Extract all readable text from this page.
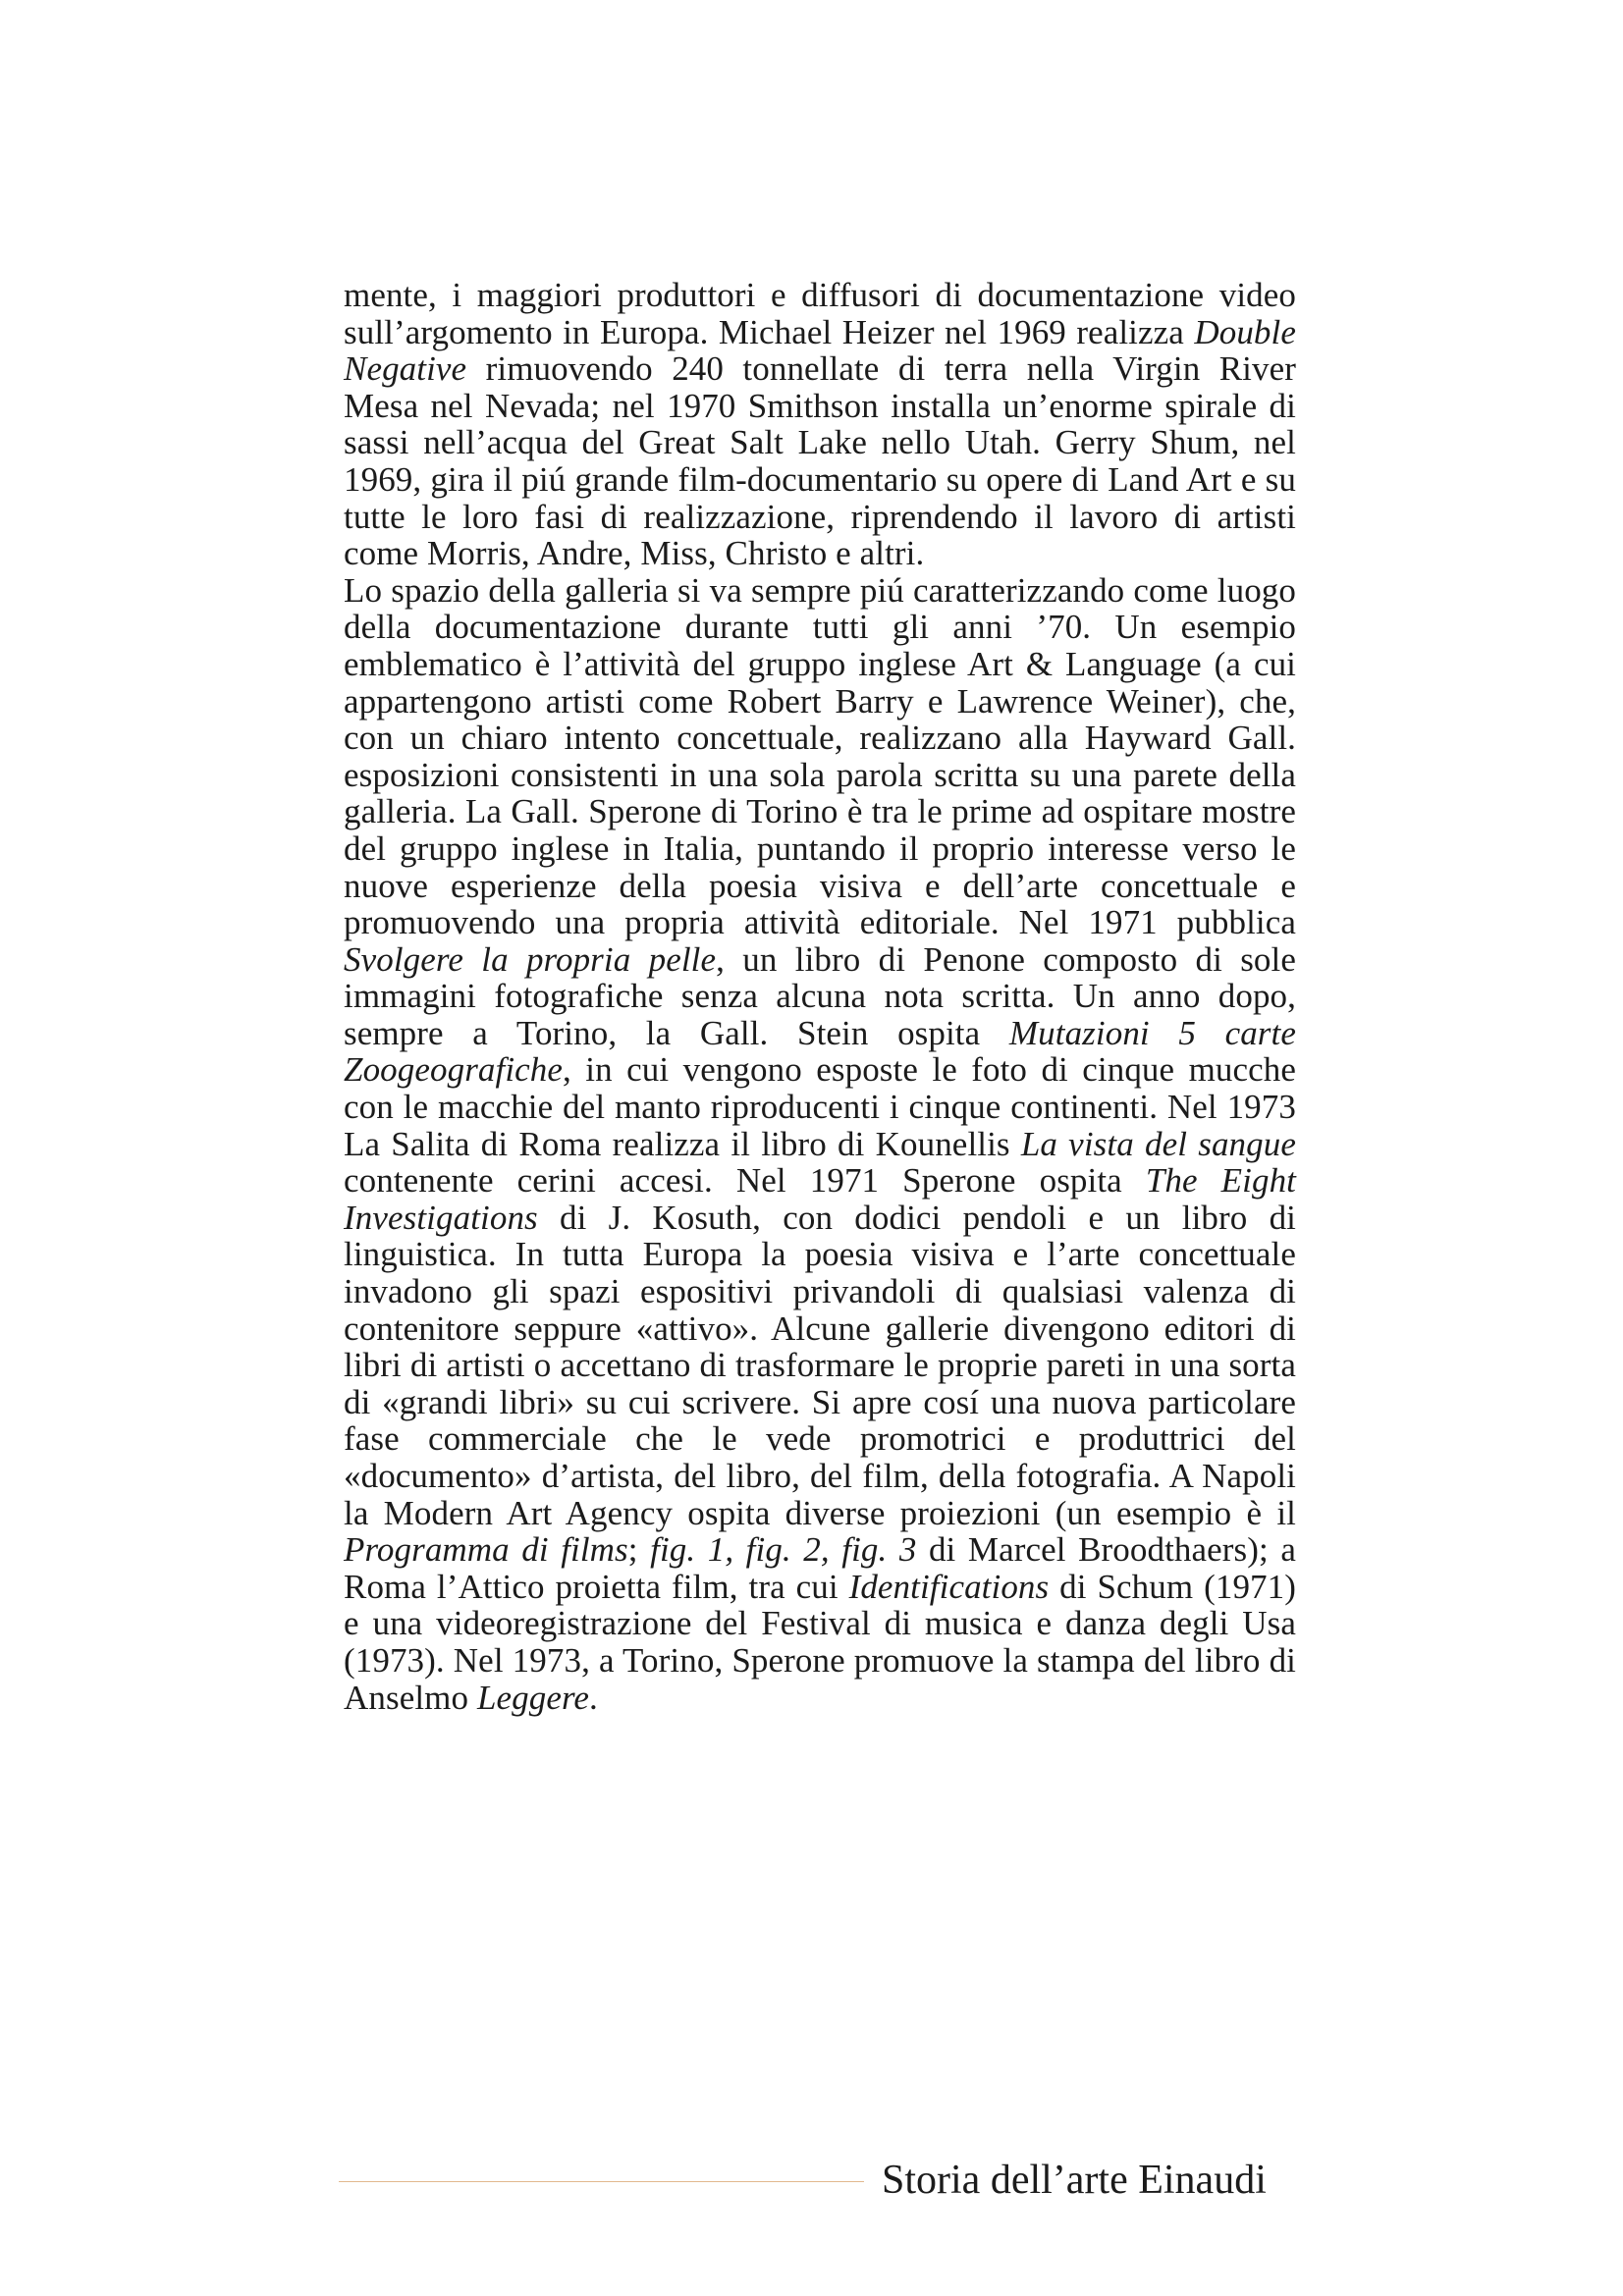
mente, i maggiori produttori e diffusori di documentazione video sull’argomento in Europa. Michael Heizer nel 1969 realizza Double Negative rimuovendo 240 tonnellate di terra nella Virgin River Mesa nel Nevada; nel 1970 Smithson installa un’enorme spirale di sassi nell’acqua del Great Salt Lake nello Utah. Gerry Shum, nel 1969, gira il piú grande film-documentario su opere di Land Art e su tutte le loro fasi di realizzazione, riprendendo il lavoro di artisti come Morris, Andre, Miss, Christo e altri.

Lo spazio della galleria si va sempre piú caratterizzando come luogo della documentazione durante tutti gli anni ’70. Un esempio emblematico è l’attività del gruppo inglese Art & Language (a cui appartengono artisti come Robert Barry e Lawrence Weiner), che, con un chiaro intento concettuale, realizzano alla Hayward Gall. esposizioni consistenti in una sola parola scritta su una parete della galleria. La Gall. Sperone di Torino è tra le prime ad ospitare mostre del gruppo inglese in Italia, puntando il proprio interesse verso le nuove esperienze della poesia visiva e dell’arte concettuale e promuovendo una propria attività editoriale. Nel 1971 pubblica Svolgere la propria pelle, un libro di Penone composto di sole immagini fotografiche senza alcuna nota scritta. Un anno dopo, sempre a Torino, la Gall. Stein ospita Mutazioni 5 carte Zoogeografiche, in cui vengono esposte le foto di cinque mucche con le macchie del manto riproducenti i cinque continenti. Nel 1973 La Salita di Roma realizza il libro di Kounellis La vista del sangue contenente cerini accesi. Nel 1971 Sperone ospita The Eight Investigations di J. Kosuth, con dodici pendoli e un libro di linguistica. In tutta Europa la poesia visiva e l’arte concettuale invadono gli spazi espositivi privandoli di qualsiasi valenza di contenitore seppure «attivo». Alcune gallerie divengono editori di libri di artisti o accettano di trasformare le proprie pareti in una sorta di «grandi libri» su cui scrivere. Si apre cosí una nuova particolare fase commerciale che le vede promotrici e produttrici del «documento» d’artista, del libro, del film, della fotografia. A Napoli la Modern Art Agency ospita diverse proiezioni (un esempio è il Programma di films; fig. 1, fig. 2, fig. 3 di Marcel Broodthaers); a Roma l’Attico proietta film, tra cui Identifications di Schum (1971) e una videoregistrazione del Festival di musica e danza degli Usa (1973). Nel 1973, a Torino, Sperone promuove la stampa del libro di Anselmo Leggere.

Storia dell’arte Einaudi
